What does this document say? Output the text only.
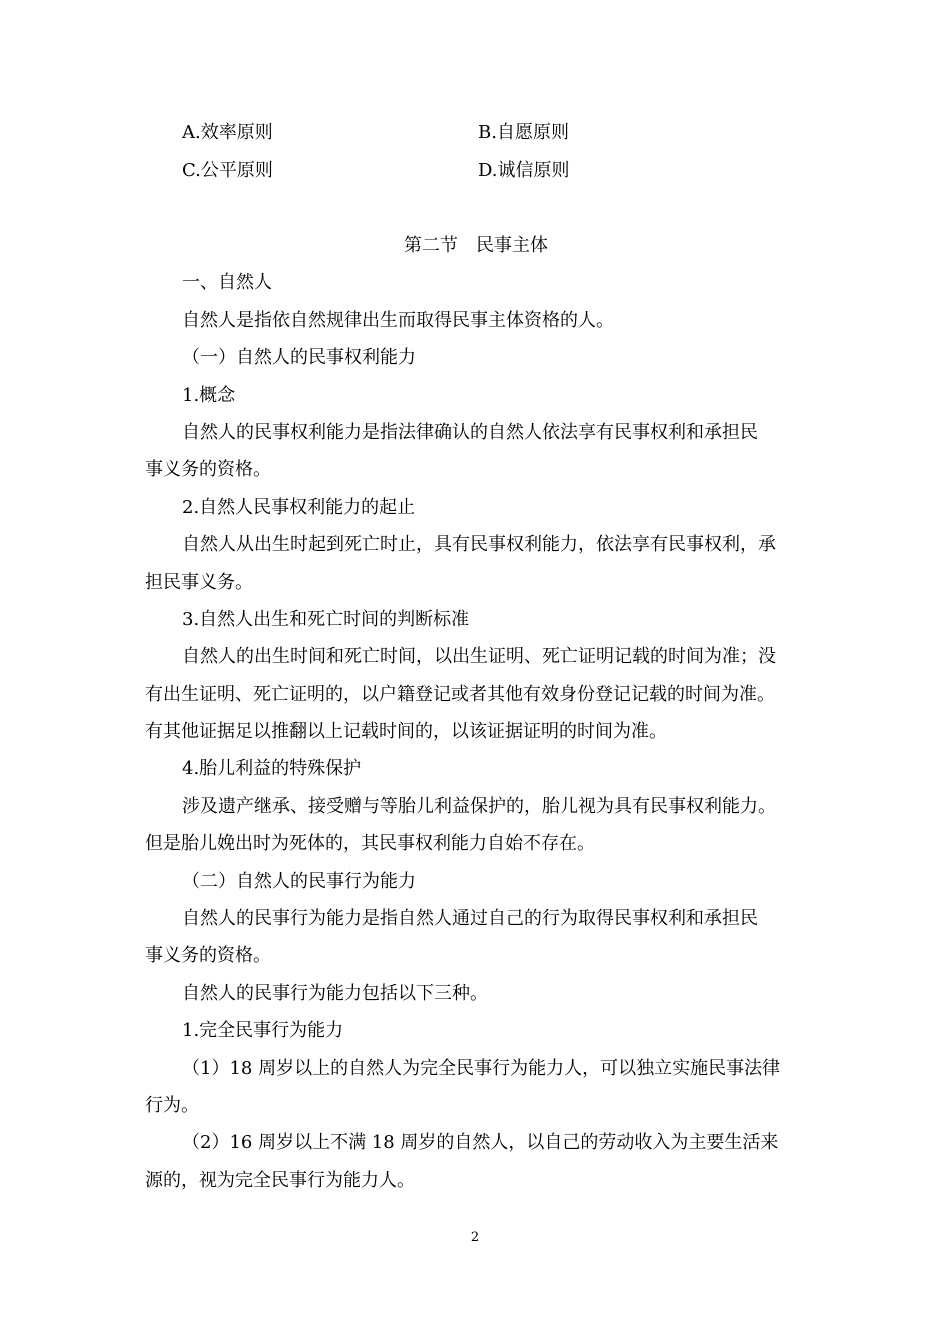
A.效率原则	B.自愿原则
C.公平原则	D.诚信原则
第二节　民事主体
一、自然人
自然人是指依自然规律出生而取得民事主体资格的人。
（一）自然人的民事权利能力
1.概念
自然人的民事权利能力是指法律确认的自然人依法享有民事权利和承担民
事义务的资格。
2.自然人民事权利能力的起止
自然人从出生时起到死亡时止，具有民事权利能力，依法享有民事权利，承
担民事义务。
3.自然人出生和死亡时间的判断标准
自然人的出生时间和死亡时间，以出生证明、死亡证明记载的时间为准；没
有出生证明、死亡证明的，以户籍登记或者其他有效身份登记记载的时间为准。
有其他证据足以推翻以上记载时间的，以该证据证明的时间为准。
4.胎儿利益的特殊保护
涉及遗产继承、接受赠与等胎儿利益保护的，胎儿视为具有民事权利能力。
但是胎儿娩出时为死体的，其民事权利能力自始不存在。
（二）自然人的民事行为能力
自然人的民事行为能力是指自然人通过自己的行为取得民事权利和承担民
事义务的资格。
自然人的民事行为能力包括以下三种。
1.完全民事行为能力
（1）18 周岁以上的自然人为完全民事行为能力人，可以独立实施民事法律
行为。
（2）16 周岁以上不满 18 周岁的自然人，以自己的劳动收入为主要生活来
源的，视为完全民事行为能力人。
2
